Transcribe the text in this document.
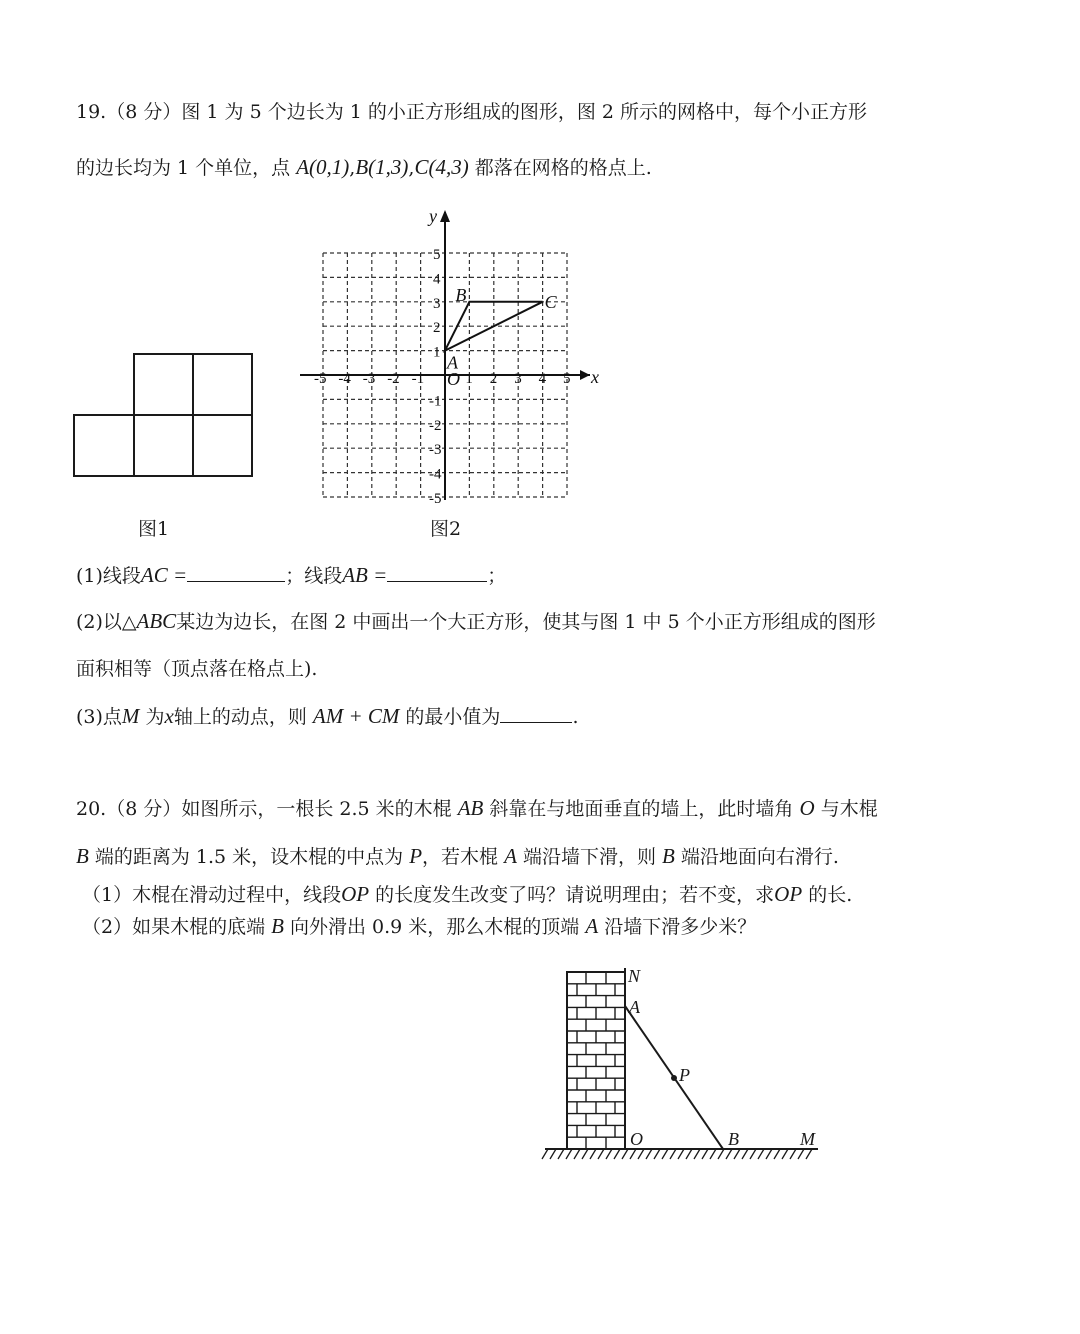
19.（8 分）图 1 为 5 个边长为 1 的小正方形组成的图形，图 2 所示的网格中，每个小正方形
的边长均为 1 个单位，点 A(0,1),B(1,3),C(4,3) 都落在网格的格点上.
图1
-5 -4 -3 -2 -1	1 2 3 4 5
5
4
3
2
1
-1
-2
-3
-4
-5
x
y
O
A
B	C
图2
(1)线段AC =	；线段AB =	；
(2)以△ABC某边为边长，在图 2 中画出一个大正方形，使其与图 1 中 5 个小正方形组成的图形
面积相等（顶点落在格点上).
(3)点M 为x轴上的动点，则 AM + CM 的最小值为	.
20.（8 分）如图所示，一根长 2.5 米的木棍 AB 斜靠在与地面垂直的墙上，此时墙角 O 与木棍
B 端的距离为 1.5 米，设木棍的中点为 P，若木棍 A 端沿墙下滑，则 B 端沿地面向右滑行.
（1）木棍在滑动过程中，线段OP 的长度发生改变了吗？请说明理由；若不变，求OP 的长.
（2）如果木棍的底端 B 向外滑出 0.9 米，那么木棍的顶端 A 沿墙下滑多少米？
N
A
P
O	B	M
